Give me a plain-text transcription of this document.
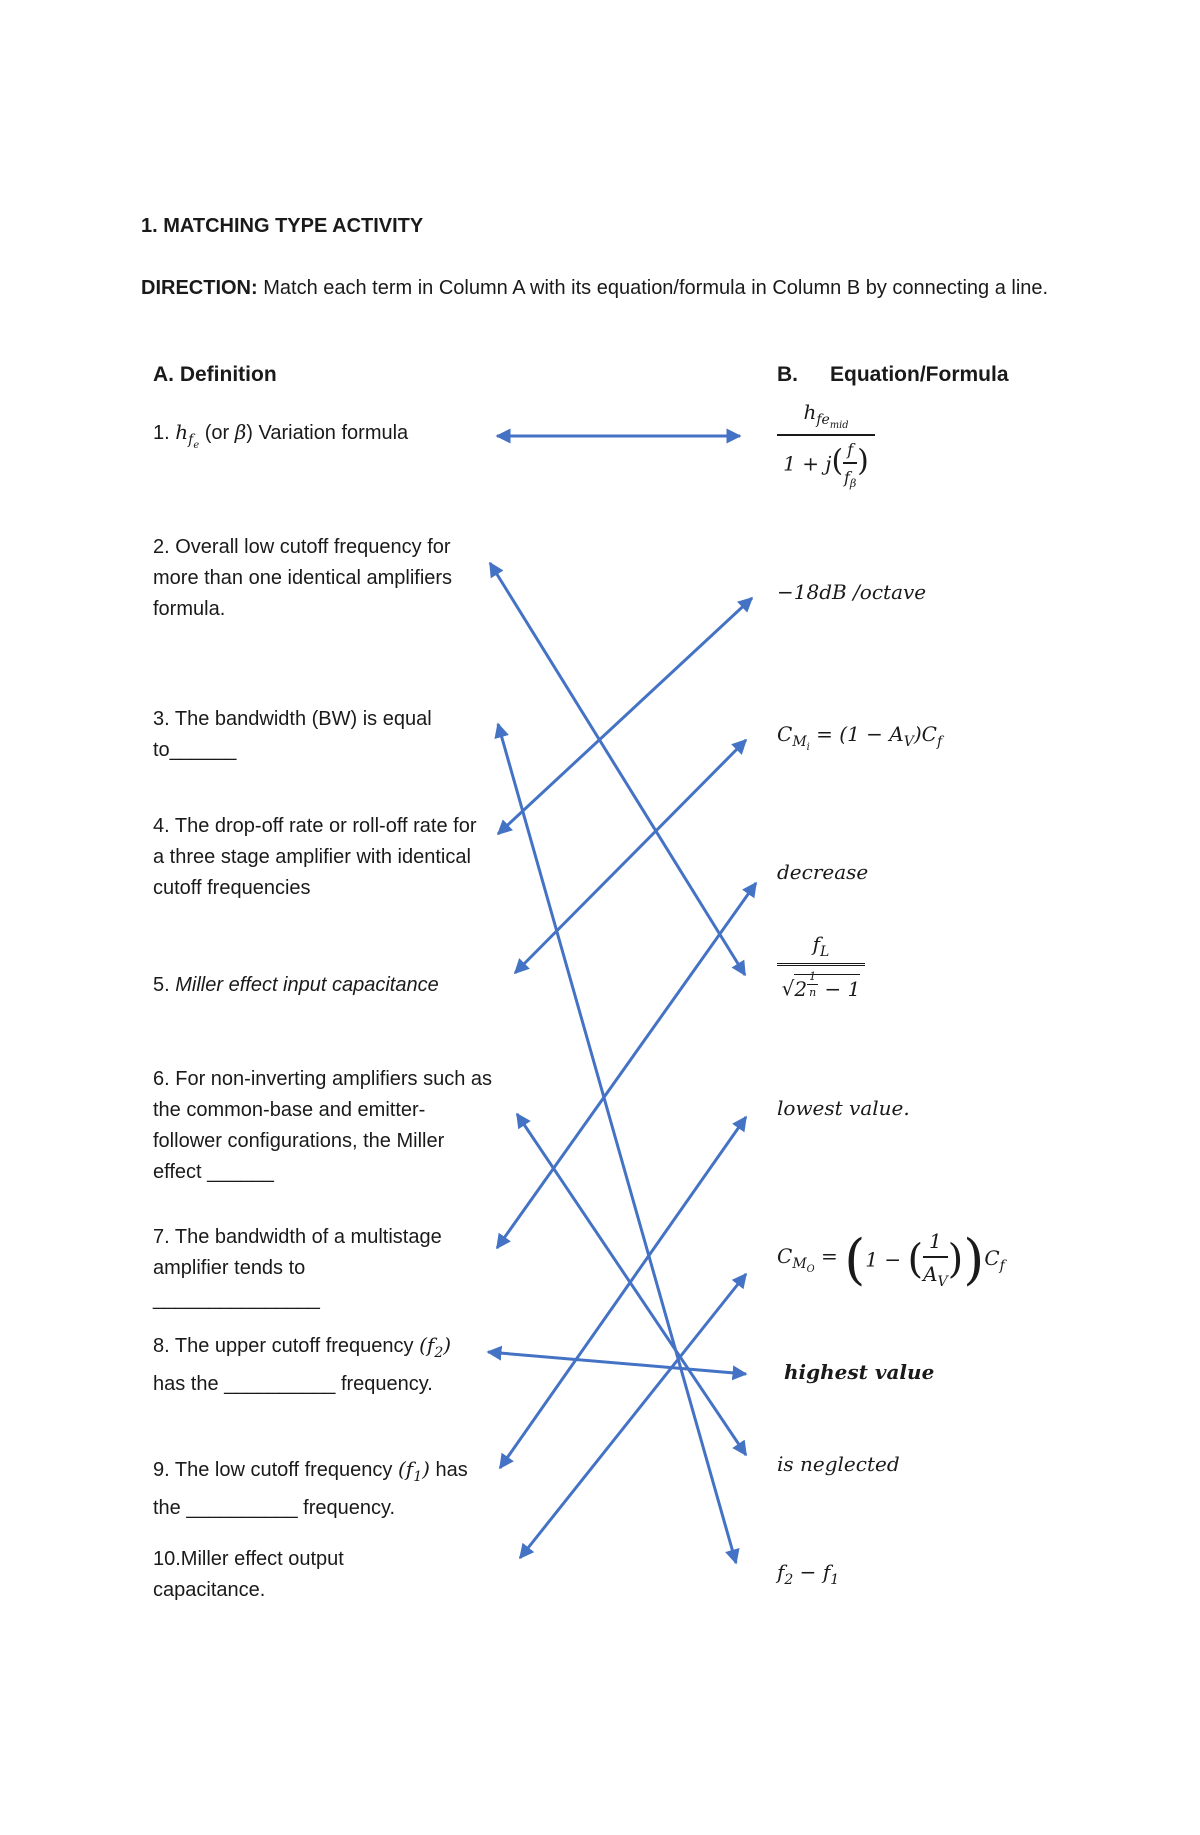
1. MATCHING TYPE ACTIVITY
DIRECTION: Match each term in Column A with its equation/formula in Column B by connecting a line.
A. Definition	B. Equation/Formula
1. $h_{f_e}$ (or β) Variation formula
2. Overall low cutoff frequency for more than one identical amplifiers formula.
3. The bandwidth (BW) is equal to______
4. The drop-off rate or roll-off rate for a three stage amplifier with identical cutoff frequencies
5. Miller effect input capacitance
6. For non-inverting amplifiers such as the common-base and emitter-follower configurations, the Miller effect ______
7. The bandwidth of a multistage amplifier tends to _______________
8. The upper cutoff frequency $(f_2)$ has the __________ frequency.
9. The low cutoff frequency $(f_1)$ has the __________ frequency.
10.Miller effect output capacitance.
$\frac{h_{fe_{mid}}}{1 + j( \frac{f}{f_\beta} )}$
−18dB /octave
$C_{M_i} = (1 - A_V)C_f$
decrease
$f_L$
√2 $^{\frac{1}{n}}$ − 1
lowest value.
$C_{M_O} = (1$ − ( $\frac{1}{A_V} ))C_f$
highest value
is neglected
$f_2 - f_1$
